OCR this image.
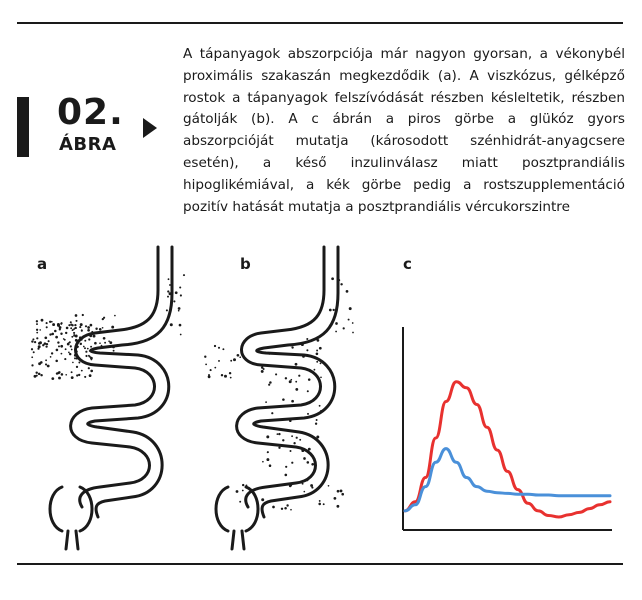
02.
ÁBRA

A tápanyagok abszorpciója már nagyon gyorsan, a vékonybél proximális szakaszán megkezdődik (a). A viszkózus, gélképző rostok a tápanyagok felszívódását részben késleltetik, részben gátolják (b). A c ábrán a piros görbe a glükóz gyors abszorpcióját mutatja (károsodott szénhidrát-anyagcsere esetén), a késő inzulinválasz miatt posztprandiális hipoglikémiával, a kék görbe pedig a rostszupplementáció pozitív hatását mutatja a posztprandiális vércukorszintre

a	b	c
